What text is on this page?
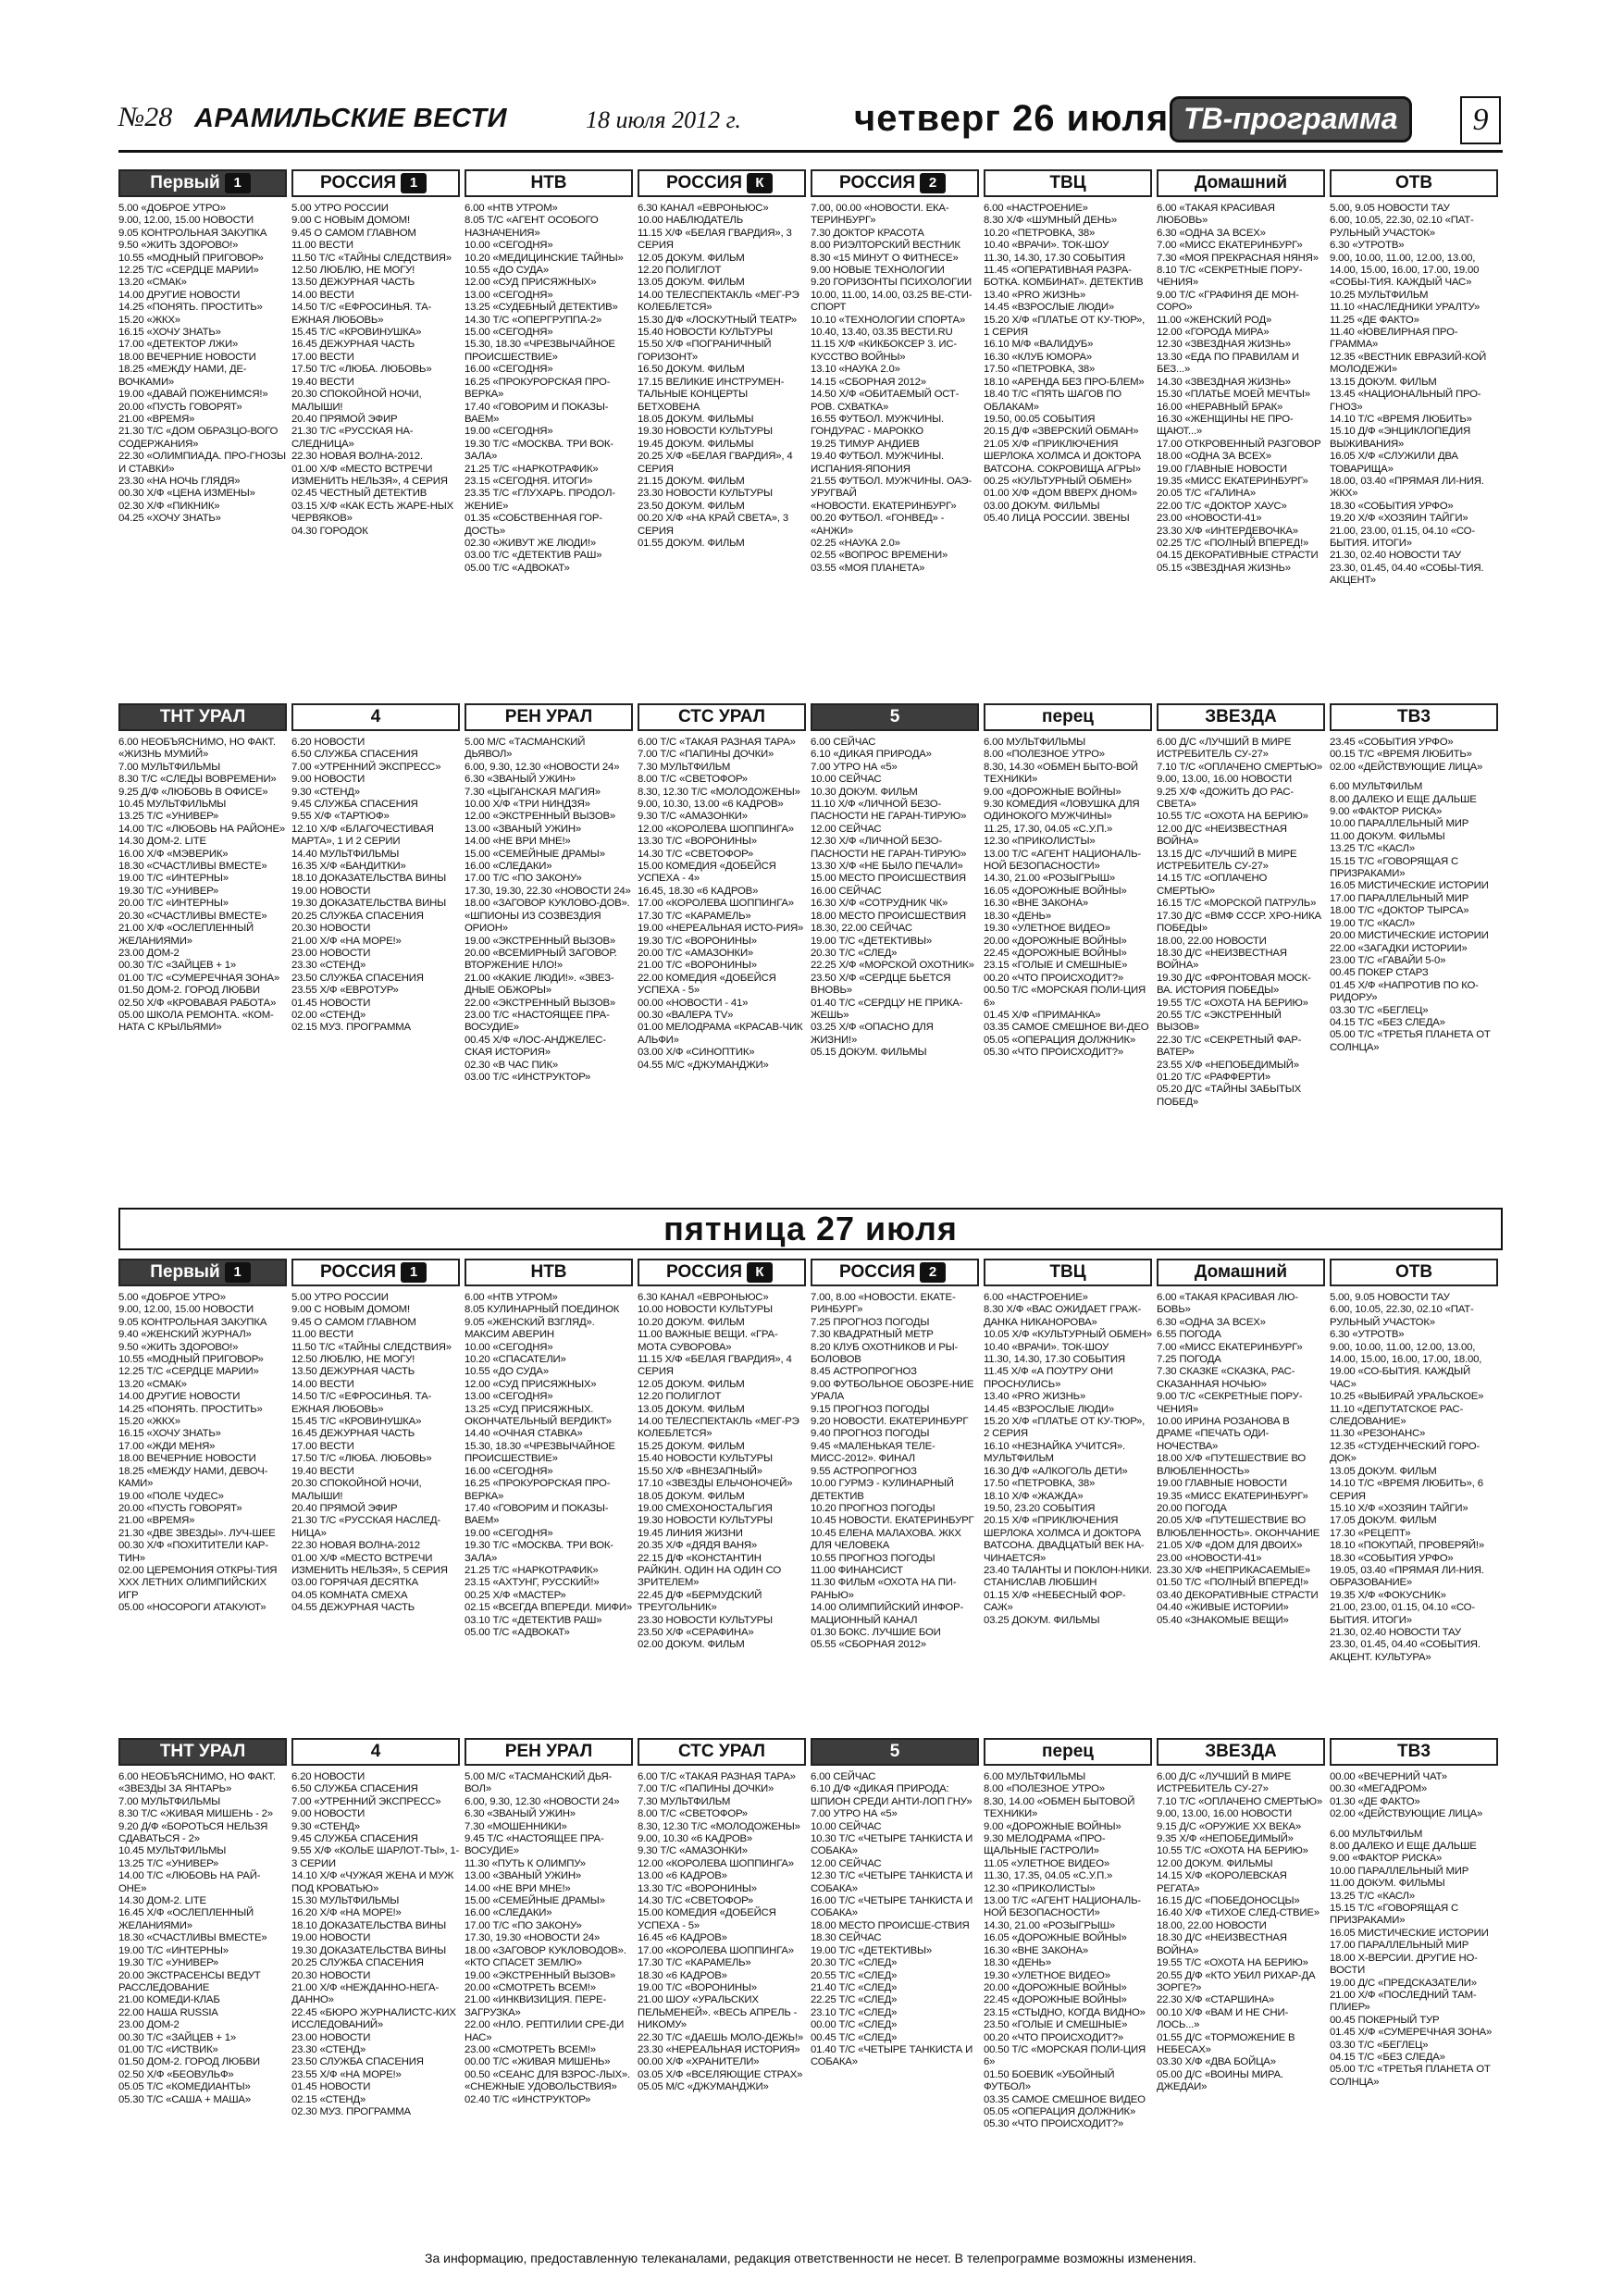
№28 АРАМИЛЬСКИЕ ВЕСТИ	18 июля 2012 г.	четверг 26 июля ТВ-программа	9
Первый 1
5.00 «ДОБРОЕ УТРО»
9.00, 12.00, 15.00 НОВОСТИ
9.05 КОНТРОЛЬНАЯ ЗАКУПКА
9.50 «ЖИТЬ ЗДОРОВО!»
10.55 «МОДНЫЙ ПРИГОВОР»
12.25 Т/С «СЕРДЦЕ МАРИИ»
13.20 «СМАК»
14.00 ДРУГИЕ НОВОСТИ
14.25 «ПОНЯТЬ. ПРОСТИТЬ»
15.20 «ЖКХ»
16.15 «ХОЧУ ЗНАТЬ»
17.00 «ДЕТЕКТОР ЛЖИ»
18.00 ВЕЧЕРНИЕ НОВОСТИ
18.25 «МЕЖДУ НАМИ, ДЕ-ВОЧКАМИ»
19.00 «ДАВАЙ ПОЖЕНИМСЯ!»
20.00 «ПУСТЬ ГОВОРЯТ»
21.00 «ВРЕМЯ»
21.30 Т/С «ДОМ ОБРАЗЦО-ВОГО СОДЕРЖАНИЯ»
22.30 «ОЛИМПИАДА. ПРО-ГНОЗЫ И СТАВКИ»
23.30 «НА НОЧЬ ГЛЯДЯ»
00.30 Х/Ф «ЦЕНА ИЗМЕНЫ»
02.30 Х/Ф «ПИКНИК»
04.25 «ХОЧУ ЗНАТЬ»
РОССИЯ 1
5.00 УТРО РОССИИ
9.00 С НОВЫМ ДОМОМ!
9.45 О САМОМ ГЛАВНОМ
11.00 ВЕСТИ
11.50 Т/С «ТАЙНЫ СЛЕДСТВИЯ»
12.50 ЛЮБЛЮ, НЕ МОГУ!
13.50 ДЕЖУРНАЯ ЧАСТЬ
14.00 ВЕСТИ
14.50 Т/С «ЕФРОСИНЬЯ. ТА-ЕЖНАЯ ЛЮБОВЬ»
15.45 Т/С «КРОВИНУШКА»
16.45 ДЕЖУРНАЯ ЧАСТЬ
17.00 ВЕСТИ
17.50 Т/С «ЛЮБА. ЛЮБОВЬ»
19.40 ВЕСТИ
20.30 СПОКОЙНОЙ НОЧИ, МАЛЫШИ!
20.40 ПРЯМОЙ ЭФИР
21.30 Т/С «РУССКАЯ НА-СЛЕДНИЦА»
22.30 НОВАЯ ВОЛНА-2012.
01.00 Х/Ф «МЕСТО ВСТРЕЧИ ИЗМЕНИТЬ НЕЛЬЗЯ», 4 СЕРИЯ
02.45 ЧЕСТНЫЙ ДЕТЕКТИВ
03.15 Х/Ф «КАК ЕСТЬ ЖАРЕ-НЫХ ЧЕРВЯКОВ»
04.30 ГОРОДОК
НТВ
6.00 «НТВ УТРОМ»
8.05 Т/С «АГЕНТ ОСОБОГО НАЗНАЧЕНИЯ»
10.00 «СЕГОДНЯ»
10.20 «МЕДИЦИНСКИЕ ТАЙНЫ»
10.55 «ДО СУДА»
12.00 «СУД ПРИСЯЖНЫХ»
13.00 «СЕГОДНЯ»
13.25 «СУДЕБНЫЙ ДЕТЕКТИВ»
14.30 Т/С «ОПЕРГРУППА-2»
15.00 «СЕГОДНЯ»
15.30, 18.30 «ЧРЕЗВЫЧАЙНОЕ ПРОИСШЕСТВИЕ»
16.00 «СЕГОДНЯ»
16.25 «ПРОКУРОРСКАЯ ПРО-ВЕРКА»
17.40 «ГОВОРИМ И ПОКАЗЫ-ВАЕМ»
19.00 «СЕГОДНЯ»
19.30 Т/С «МОСКВА. ТРИ ВОК-ЗАЛА»
21.25 Т/С «НАРКОТРАФИК»
23.15 «СЕГОДНЯ. ИТОГИ»
23.35 Т/С «ГЛУХАРЬ. ПРОДОЛ-ЖЕНИЕ»
01.35 «СОБСТВЕННАЯ ГОР-ДОСТЬ»
02.30 «ЖИВУТ ЖЕ ЛЮДИ!»
03.00 Т/С «ДЕТЕКТИВ РАШ»
05.00 Т/С «АДВОКАТ»
РОССИЯ К
6.30 КАНАЛ «ЕВРОНЬЮС»
10.00 НАБЛЮДАТЕЛЬ
11.15 Х/Ф «БЕЛАЯ ГВАРДИЯ», 3 СЕРИЯ
12.05 ДОКУМ. ФИЛЬМ
12.20 ПОЛИГЛОТ
13.05 ДОКУМ. ФИЛЬМ
14.00 ТЕЛЕСПЕКТАКЛЬ «МЕГ-РЭ КОЛЕБЛЕТСЯ»
15.30 Д/Ф «ЛОСКУТНЫЙ ТЕАТР»
15.40 НОВОСТИ КУЛЬТУРЫ
15.50 Х/Ф «ПОГРАНИЧНЫЙ ГОРИЗОНТ»
16.50 ДОКУМ. ФИЛЬМ
17.15 ВЕЛИКИЕ ИНСТРУМЕН-ТАЛЬНЫЕ КОНЦЕРТЫ БЕТХОВЕНА
18.05 ДОКУМ. ФИЛЬМЫ
19.30 НОВОСТИ КУЛЬТУРЫ
19.45 ДОКУМ. ФИЛЬМЫ
20.25 Х/Ф «БЕЛАЯ ГВАРДИЯ», 4 СЕРИЯ
21.15 ДОКУМ. ФИЛЬМ
23.30 НОВОСТИ КУЛЬТУРЫ
23.50 ДОКУМ. ФИЛЬМ
00.20 Х/Ф «НА КРАЙ СВЕТА», 3 СЕРИЯ
01.55 ДОКУМ. ФИЛЬМ
РОССИЯ 2
7.00, 00.00 «НОВОСТИ. ЕКА-ТЕРИНБУРГ»
7.30 ДОКТОР КРАСОТА
8.00 РИЭЛТОРСКИЙ ВЕСТНИК
8.30 «15 МИНУТ О ФИТНЕСЕ»
9.00 НОВЫЕ ТЕХНОЛОГИИ
9.20 ГОРИЗОНТЫ ПСИХОЛОГИИ
10.00, 11.00, 14.00, 03.25 ВЕ-СТИ-СПОРТ
10.10 «ТЕХНОЛОГИИ СПОРТА»
10.40, 13.40, 03.35 ВЕСТИ.RU
11.15 Х/Ф «КИКБОКСЕР 3. ИС-КУССТВО ВОЙНЫ»
13.10 «НАУКА 2.0»
14.15 «СБОРНАЯ 2012»
14.50 Х/Ф «ОБИТАЕМЫЙ ОСТ-РОВ. СХВАТКА»
16.55 ФУТБОЛ. МУЖЧИНЫ. ГОНДУРАС - МАРОККО
19.25 ТИМУР АНДИЕВ
19.40 ФУТБОЛ. МУЖЧИНЫ. ИСПАНИЯ-ЯПОНИЯ
21.55 ФУТБОЛ. МУЖЧИНЫ. ОАЭ-УРУГВАЙ
«НОВОСТИ. ЕКАТЕРИНБУРГ»
00.20 ФУТБОЛ. «ГОНВЕД» - «АНЖИ»
02.25 «НАУКА 2.0»
02.55 «ВОПРОС ВРЕМЕНИ»
03.55 «МОЯ ПЛАНЕТА»
ТВЦ
6.00 «НАСТРОЕНИЕ»
8.30 Х/Ф «ШУМНЫЙ ДЕНЬ»
10.20 «ПЕТРОВКА, 38»
10.40 «ВРАЧИ». ТОК-ШОУ
11.30, 14.30, 17.30 СОБЫТИЯ
11.45 «ОПЕРАТИВНАЯ РАЗРА-БОТКА. КОМБИНАТ». ДЕТЕКТИВ
13.40 «PRO ЖИЗНЬ»
14.45 «ВЗРОСЛЫЕ ЛЮДИ»
15.20 Х/Ф «ПЛАТЬЕ ОТ КУ-ТЮР», 1 СЕРИЯ
16.10 М/Ф «ВАЛИДУБ»
16.30 «КЛУБ ЮМОРА»
17.50 «ПЕТРОВКА, 38»
18.10 «АРЕНДА БЕЗ ПРО-БЛЕМ»
18.40 Т/С «ПЯТЬ ШАГОВ ПО ОБЛАКАМ»
19.50, 00.05 СОБЫТИЯ
20.15 Д/Ф «ЗВЕРСКИЙ ОБМАН»
21.05 Х/Ф «ПРИКЛЮЧЕНИЯ ШЕРЛОКА ХОЛМСА И ДОКТОРА ВАТСОНА. СОКРОВИЩА АГРЫ»
00.25 «КУЛЬТУРНЫЙ ОБМЕН»
01.00 Х/Ф «ДОМ ВВЕРХ ДНОМ»
03.00 ДОКУМ. ФИЛЬМЫ
05.40 ЛИЦА РОССИИ. ЗВЕНЫ
Домашний
6.00 «ТАКАЯ КРАСИВАЯ ЛЮБОВЬ»
6.30 «ОДНА ЗА ВСЕХ»
7.00 «МИСС ЕКАТЕРИНБУРГ»
7.30 «МОЯ ПРЕКРАСНАЯ НЯНЯ»
8.10 Т/С «СЕКРЕТНЫЕ ПОРУ-ЧЕНИЯ»
9.00 Т/С «ГРАФИНЯ ДЕ МОН-СОРО»
11.00 «ЖЕНСКИЙ РОД»
12.00 «ГОРОДА МИРА»
12.30 «ЗВЕЗДНАЯ ЖИЗНЬ»
13.30 «ЕДА ПО ПРАВИЛАМ И БЕЗ...»
14.30 «ЗВЕЗДНАЯ ЖИЗНЬ»
15.30 «ПЛАТЬЕ МОЕЙ МЕЧТЫ»
16.00 «НЕРАВНЫЙ БРАК»
16.30 «ЖЕНЩИНЫ НЕ ПРО-ЩАЮТ...»
17.00 ОТКРОВЕННЫЙ РАЗГОВОР
18.00 «ОДНА ЗА ВСЕХ»
19.00 ГЛАВНЫЕ НОВОСТИ
19.35 «МИСС ЕКАТЕРИНБУРГ»
20.05 Т/С «ГАЛИНА»
22.00 Т/С «ДОКТОР ХАУС»
23.00 «НОВОСТИ-41»
23.30 Х/Ф «ИНТЕРДЕВОЧКА»
02.25 Т/С «ПОЛНЫЙ ВПЕРЕД!»
04.15 ДЕКОРАТИВНЫЕ СТРАСТИ
05.15 «ЗВЕЗДНАЯ ЖИЗНЬ»
ОТВ
5.00, 9.05 НОВОСТИ ТАУ
6.00, 10.05, 22.30, 02.10 «ПАТ-РУЛЬНЫЙ УЧАСТОК»
6.30 «УТРОТВ»
9.00, 10.00, 11.00, 12.00, 13.00, 14.00, 15.00, 16.00, 17.00, 19.00 «СОБЫ-ТИЯ. КАЖДЫЙ ЧАС»
10.25 МУЛЬТФИЛЬМ
11.10 «НАСЛЕДНИКИ УРАЛТУ»
11.25 «ДЕ ФАКТО»
11.40 «ЮВЕЛИРНАЯ ПРО-ГРАММА»
12.35 «ВЕСТНИК ЕВРАЗИЙ-КОЙ МОЛОДЕЖИ»
13.15 ДОКУМ. ФИЛЬМ
13.45 «НАЦИОНАЛЬНЫЙ ПРО-ГНОЗ»
14.10 Т/С «ВРЕМЯ ЛЮБИТЬ»
15.10 Д/Ф «ЭНЦИКЛОПЕДИЯ ВЫЖИВАНИЯ»
16.05 Х/Ф «СЛУЖИЛИ ДВА ТОВАРИЩА»
18.00, 03.40 «ПРЯМАЯ ЛИ-НИЯ. ЖКХ»
18.30 «СОБЫТИЯ УРФО»
19.20 Х/Ф «ХОЗЯИН ТАЙГИ»
21.00, 23.00, 01.15, 04.10 «СО-БЫТИЯ. ИТОГИ»
21.30, 02.40 НОВОСТИ ТАУ
23.30, 01.45, 04.40 «СОБЫ-ТИЯ. АКЦЕНТ»
ТНТ УРАЛ
6.00 НЕОБЪЯСНИМО, НО ФАКТ. «ЖИЗНЬ МУМИЙ»
7.00 МУЛЬТФИЛЬМЫ
8.30 Т/С «СЛЕДЫ ВОВРЕМЕНИ»
9.25 Д/Ф «ЛЮБОВЬ В ОФИСЕ»
10.45 МУЛЬТФИЛЬМЫ
13.25 Т/С «УНИВЕР»
14.00 Т/С «ЛЮБОВЬ НА РАЙОНЕ»
14.30 ДОМ-2. LITE
16.00 Х/Ф «МЭВЕРИК»
18.30 «СЧАСТЛИВЫ ВМЕСТЕ»
19.00 Т/С «ИНТЕРНЫ»
19.30 Т/С «УНИВЕР»
20.00 Т/С «ИНТЕРНЫ»
20.30 «СЧАСТЛИВЫ ВМЕСТЕ»
21.00 Х/Ф «ОСЛЕПЛЕННЫЙ ЖЕЛАНИЯМИ»
23.00 ДОМ-2
00.30 Т/С «ЗАЙЦЕВ + 1»
01.00 Т/С «СУМЕРЕЧНАЯ ЗОНА»
01.50 ДОМ-2. ГОРОД ЛЮБВИ
02.50 Х/Ф «КРОВАВАЯ РАБОТА»
05.00 ШКОЛА РЕМОНТА. «КОМ-НАТА С КРЫЛЬЯМИ»
4
6.20 НОВОСТИ
6.50 СЛУЖБА СПАСЕНИЯ
7.00 «УТРЕННИЙ ЭКСПРЕСС»
9.00 НОВОСТИ
9.30 «СТЕНД»
9.45 СЛУЖБА СПАСЕНИЯ
9.55 Х/Ф «ТАРТЮФ»
12.10 Х/Ф «БЛАГОЧЕСТИВАЯ МАРТА», 1 И 2 СЕРИИ
14.40 МУЛЬТФИЛЬМЫ
16.35 Х/Ф «БАНДИТКИ»
18.10 ДОКАЗАТЕЛЬСТВА ВИНЫ
19.00 НОВОСТИ
19.30 ДОКАЗАТЕЛЬСТВА ВИНЫ
20.25 СЛУЖБА СПАСЕНИЯ
20.30 НОВОСТИ
21.00 Х/Ф «НА МОРЕ!»
23.00 НОВОСТИ
23.30 «СТЕНД»
23.50 СЛУЖБА СПАСЕНИЯ
23.55 Х/Ф «ЕВРОТУР»
01.45 НОВОСТИ
02.00 «СТЕНД»
02.15 МУЗ. ПРОГРАММА
РЕН УРАЛ
5.00 М/С «ТАСМАНСКИЙ ДЬЯВОЛ»
6.00, 9.30, 12.30 «НОВОСТИ 24»
6.30 «ЗВАНЫЙ УЖИН»
7.30 «ЦЫГАНСКАЯ МАГИЯ»
10.00 Х/Ф «ТРИ НИНДЗЯ»
12.00 «ЭКСТРЕННЫЙ ВЫЗОВ»
13.00 «ЗВАНЫЙ УЖИН»
14.00 «НЕ ВРИ МНЕ!»
15.00 «СЕМЕЙНЫЕ ДРАМЫ»
16.00 «СЛЕДАКИ»
17.00 Т/С «ПО ЗАКОНУ»
17.30, 19.30, 22.30 «НОВОСТИ 24»
18.00 «ЗАГОВОР КУКЛОВО-ДОВ». «ШПИОНЫ ИЗ СОЗВЕЗДИЯ ОРИОН»
19.00 «ЭКСТРЕННЫЙ ВЫЗОВ»
20.00 «ВСЕМИРНЫЙ ЗАГОВОР. ВТОРЖЕНИЕ НЛО!»
21.00 «КАКИЕ ЛЮДИ!». «ЗВЕЗ-ДНЫЕ ОБЖОРЫ»
22.00 «ЭКСТРЕННЫЙ ВЫЗОВ»
23.00 Т/С «НАСТОЯЩЕЕ ПРА-ВОСУДИЕ»
00.45 Х/Ф «ЛОС-АНДЖЕЛЕС-СКАЯ ИСТОРИЯ»
02.30 «В ЧАС ПИК»
03.00 Т/С «ИНСТРУКТОР»
СТС УРАЛ
6.00 Т/С «ТАКАЯ РАЗНАЯ ТАРА»
7.00 Т/С «ПАПИНЫ ДОЧКИ»
7.30 МУЛЬТФИЛЬМ
8.00 Т/С «СВЕТОФОР»
8.30, 12.30 Т/С «МОЛОДОЖЕНЫ»
9.00, 10.30, 13.00 «6 КАДРОВ»
9.30 Т/С «АМАЗОНКИ»
12.00 «КОРОЛЕВА ШОППИНГА»
13.30 Т/С «ВОРОНИНЫ»
14.30 Т/С «СВЕТОФОР»
15.00 КОМЕДИЯ «ДОБЕЙСЯ УСПЕХА - 4»
16.45, 18.30 «6 КАДРОВ»
17.00 «КОРОЛЕВА ШОППИНГА»
17.30 Т/С «КАРАМЕЛЬ»
19.00 «НЕРЕАЛЬНАЯ ИСТО-РИЯ»
19.30 Т/С «ВОРОНИНЫ»
20.00 Т/С «АМАЗОНКИ»
21.00 Т/С «ВОРОНИНЫ»
22.00 КОМЕДИЯ «ДОБЕЙСЯ УСПЕХА - 5»
00.00 «НОВОСТИ - 41»
00.30 «ВАЛЕРА TV»
01.00 МЕЛОДРАМА «КРАСАВ-ЧИК АЛЬФИ»
03.00 Х/Ф «СИНОПТИК»
04.55 М/С «ДЖУМАНДЖИ»
5
6.00 СЕЙЧАС
6.10 «ДИКАЯ ПРИРОДА»
7.00 УТРО НА «5»
10.00 СЕЙЧАС
10.30 ДОКУМ. ФИЛЬМ
11.10 Х/Ф «ЛИЧНОЙ БЕЗО-ПАСНОСТИ НЕ ГАРАН-ТИРУЮ»
12.00 СЕЙЧАС
12.30 Х/Ф «ЛИЧНОЙ БЕЗО-ПАСНОСТИ НЕ ГАРАН-ТИРУЮ»
13.30 Х/Ф «НЕ БЫЛО ПЕЧАЛИ»
15.00 МЕСТО ПРОИСШЕСТВИЯ
16.00 СЕЙЧАС
16.30 Х/Ф «СОТРУДНИК ЧК»
18.00 МЕСТО ПРОИСШЕСТВИЯ
18.30, 22.00 СЕЙЧАС
19.00 Т/С «ДЕТЕКТИВЫ»
20.30 Т/С «СЛЕД»
22.25 Х/Ф «МОРСКОЙ ОХОТНИК»
23.50 Х/Ф «СЕРДЦЕ БЬЕТСЯ ВНОВЬ»
01.40 Т/С «СЕРДЦУ НЕ ПРИКА-ЖЕШЬ»
03.25 Х/Ф «ОПАСНО ДЛЯ ЖИЗНИ!»
05.15 ДОКУМ. ФИЛЬМЫ
перец
6.00 МУЛЬТФИЛЬМЫ
8.00 «ПОЛЕЗНОЕ УТРО»
8.30, 14.30 «ОБМЕН БЫТО-ВОЙ ТЕХНИКИ»
9.00 «ДОРОЖНЫЕ ВОЙНЫ»
9.30 КОМЕДИЯ «ЛОВУШКА ДЛЯ ОДИНОКОГО МУЖЧИНЫ»
11.25, 17.30, 04.05 «С.У.П.»
12.30 «ПРИКОЛИСТЫ»
13.00 Т/С «АГЕНТ НАЦИОНАЛЬ-НОЙ БЕЗОПАСНОСТИ»
14.30, 21.00 «РОЗЫГРЫШ»
16.05 «ДОРОЖНЫЕ ВОЙНЫ»
16.30 «ВНЕ ЗАКОНА»
18.30 «ДЕНЬ»
19.30 «УЛЕТНОЕ ВИДЕО»
20.00 «ДОРОЖНЫЕ ВОЙНЫ»
22.45 «ДОРОЖНЫЕ ВОЙНЫ»
23.15 «ГОЛЫЕ И СМЕШНЫЕ»
00.20 «ЧТО ПРОИСХОДИТ?»
00.50 Т/С «МОРСКАЯ ПОЛИ-ЦИЯ 6»
01.45 Х/Ф «ПРИМАНКА»
03.35 САМОЕ СМЕШНОЕ ВИ-ДЕО
05.05 «ОПЕРАЦИЯ ДОЛЖНИК»
05.30 «ЧТО ПРОИСХОДИТ?»
ЗВЕЗДА
6.00 Д/С «ЛУЧШИЙ В МИРЕ ИСТРЕБИТЕЛЬ СУ-27»
7.10 Т/С «ОПЛАЧЕНО СМЕРТЬЮ»
9.00, 13.00, 16.00 НОВОСТИ
9.25 Х/Ф «ДОЖИТЬ ДО РАС-СВЕТА»
10.55 Т/С «ОХОТА НА БЕРИЮ»
12.00 Д/С «НЕИЗВЕСТНАЯ ВОЙНА»
13.15 Д/С «ЛУЧШИЙ В МИРЕ ИСТРЕБИТЕЛЬ СУ-27»
14.15 Т/С «ОПЛАЧЕНО СМЕРТЬЮ»
16.15 Т/С «МОРСКОЙ ПАТРУЛЬ»
17.30 Д/С «ВМФ СССР. ХРО-НИКА ПОБЕДЫ»
18.00, 22.00 НОВОСТИ
18.30 Д/С «НЕИЗВЕСТНАЯ ВОЙНА»
19.30 Д/С «ФРОНТОВАЯ МОСК-ВА. ИСТОРИЯ ПОБЕДЫ»
19.55 Т/С «ОХОТА НА БЕРИЮ»
20.55 Т/С «ЭКСТРЕННЫЙ ВЫЗОВ»
22.30 Т/С «СЕКРЕТНЫЙ ФАР-ВАТЕР»
23.55 Х/Ф «НЕПОБЕДИМЫЙ»
01.20 Т/С «РАФФЕРТИ»
05.20 Д/С «ТАЙНЫ ЗАБЫТЫХ ПОБЕД»
ТВ3
23.45 «СОБЫТИЯ УРФО»
00.15 Т/С «ВРЕМЯ ЛЮБИТЬ»
02.00 «ДЕЙСТВУЮЩИЕ ЛИЦА»
6.00 МУЛЬТФИЛЬМ
8.00 ДАЛЕКО И ЕЩЕ ДАЛЬШЕ
9.00 «ФАКТОР РИСКА»
10.00 ПАРАЛЛЕЛЬНЫЙ МИР
11.00 ДОКУМ. ФИЛЬМЫ
13.25 Т/С «КАСЛ»
15.15 Т/С «ГОВОРЯЩАЯ С ПРИЗРАКАМИ»
16.05 МИСТИЧЕСКИЕ ИСТОРИИ
17.00 ПАРАЛЛЕЛЬНЫЙ МИР
18.00 Т/С «ДОКТОР ТЫРСА»
19.00 Т/С «КАСЛ»
20.00 МИСТИЧЕСКИЕ ИСТОРИИ
22.00 «ЗАГАДКИ ИСТОРИИ»
23.00 Т/С «ГАВАЙИ 5-0»
00.45 ПОКЕР СТАРЗ
01.45 Х/Ф «НАПРОТИВ ПО КО-РИДОРУ»
03.30 Т/С «БЕГЛЕЦ»
04.15 Т/С «БЕЗ СЛЕДА»
05.00 Т/С «ТРЕТЬЯ ПЛАНЕТА ОТ СОЛНЦА»
пятница 27 июля
Первый 1
5.00 «ДОБРОЕ УТРО»
9.00, 12.00, 15.00 НОВОСТИ
9.05 КОНТРОЛЬНАЯ ЗАКУПКА
9.40 «ЖЕНСКИЙ ЖУРНАЛ»
9.50 «ЖИТЬ ЗДОРОВО!»
10.55 «МОДНЫЙ ПРИГОВОР»
12.25 Т/С «СЕРДЦЕ МАРИИ»
13.20 «СМАК»
14.00 ДРУГИЕ НОВОСТИ
14.25 «ПОНЯТЬ. ПРОСТИТЬ»
15.20 «ЖКХ»
16.15 «ХОЧУ ЗНАТЬ»
17.00 «ЖДИ МЕНЯ»
18.00 ВЕЧЕРНИЕ НОВОСТИ
18.25 «МЕЖДУ НАМИ, ДЕВОЧ-КАМИ»
19.00 «ПОЛЕ ЧУДЕС»
20.00 «ПУСТЬ ГОВОРЯТ»
21.00 «ВРЕМЯ»
21.30 «ДВЕ ЗВЕЗДЫ». ЛУЧ-ШЕЕ
00.30 Х/Ф «ПОХИТИТЕЛИ КАР-ТИН»
02.00 ЦЕРЕМОНИЯ ОТКРЫ-ТИЯ XXX ЛЕТНИХ ОЛИМПИЙСКИХ ИГР
05.00 «НОСОРОГИ АТАКУЮТ»
РОССИЯ 1
5.00 УТРО РОССИИ
9.00 С НОВЫМ ДОМОМ!
9.45 О САМОМ ГЛАВНОМ
11.00 ВЕСТИ
11.50 Т/С «ТАЙНЫ СЛЕДСТВИЯ»
12.50 ЛЮБЛЮ, НЕ МОГУ!
13.50 ДЕЖУРНАЯ ЧАСТЬ
14.00 ВЕСТИ
14.50 Т/С «ЕФРОСИНЬЯ. ТА-ЕЖНАЯ ЛЮБОВЬ»
15.45 Т/С «КРОВИНУШКА»
16.45 ДЕЖУРНАЯ ЧАСТЬ
17.00 ВЕСТИ
17.50 Т/С «ЛЮБА. ЛЮБОВЬ»
19.40 ВЕСТИ
20.30 СПОКОЙНОЙ НОЧИ, МАЛЫШИ!
20.40 ПРЯМОЙ ЭФИР
21.30 Т/С «РУССКАЯ НАСЛЕД-НИЦА»
22.30 НОВАЯ ВОЛНА-2012
01.00 Х/Ф «МЕСТО ВСТРЕЧИ ИЗМЕНИТЬ НЕЛЬЗЯ», 5 СЕРИЯ
03.00 ГОРЯЧАЯ ДЕСЯТКА
04.05 КОМНАТА СМЕХА
04.55 ДЕЖУРНАЯ ЧАСТЬ
НТВ
6.00 «НТВ УТРОМ»
8.05 КУЛИНАРНЫЙ ПОЕДИНОК
9.05 «ЖЕНСКИЙ ВЗГЛЯД». МАКСИМ АВЕРИН
10.00 «СЕГОДНЯ»
10.20 «СПАСАТЕЛИ»
10.55 «ДО СУДА»
12.00 «СУД ПРИСЯЖНЫХ»
13.00 «СЕГОДНЯ»
13.25 «СУД ПРИСЯЖНЫХ. ОКОНЧАТЕЛЬНЫЙ ВЕРДИКТ»
14.40 «ОЧНАЯ СТАВКА»
15.30, 18.30 «ЧРЕЗВЫЧАЙНОЕ ПРОИСШЕСТВИЕ»
16.00 «СЕГОДНЯ»
16.25 «ПРОКУРОРСКАЯ ПРО-ВЕРКА»
17.40 «ГОВОРИМ И ПОКАЗЫ-ВАЕМ»
19.00 «СЕГОДНЯ»
19.30 Т/С «МОСКВА. ТРИ ВОК-ЗАЛА»
21.25 Т/С «НАРКОТРАФИК»
23.15 «АХТУНГ, РУССКИЙ!»
00.25 Х/Ф «МАСТЕР»
02.15 «ВСЕГДА ВПЕРЕДИ. МИФИ»
03.10 Т/С «ДЕТЕКТИВ РАШ»
05.00 Т/С «АДВОКАТ»
РОССИЯ К
6.30 КАНАЛ «ЕВРОНЬЮС»
10.00 НОВОСТИ КУЛЬТУРЫ
10.20 ДОКУМ. ФИЛЬМ
11.00 ВАЖНЫЕ ВЕЩИ. «ГРА-МОТА СУВОРОВА»
11.15 Х/Ф «БЕЛАЯ ГВАРДИЯ», 4 СЕРИЯ
12.05 ДОКУМ. ФИЛЬМ
12.20 ПОЛИГЛОТ
13.05 ДОКУМ. ФИЛЬМ
14.00 ТЕЛЕСПЕКТАКЛЬ «МЕГ-РЭ КОЛЕБЛЕТСЯ»
15.25 ДОКУМ. ФИЛЬМ
15.40 НОВОСТИ КУЛЬТУРЫ
15.50 Х/Ф «ВНЕЗАПНЫЙ»
17.10 «ЗВЕЗДЫ ЕЛЬЧОНОЧЕЙ»
18.05 ДОКУМ. ФИЛЬМ
19.00 СМЕХОНОСТАЛЬГИЯ
19.30 НОВОСТИ КУЛЬТУРЫ
19.45 ЛИНИЯ ЖИЗНИ
20.35 Х/Ф «ДЯДЯ ВАНЯ»
22.15 Д/Ф «КОНСТАНТИН РАЙКИН. ОДИН НА ОДИН СО ЗРИТЕЛЕМ»
22.45 Д/Ф «БЕРМУДСКИЙ ТРЕУГОЛЬНИК»
23.30 НОВОСТИ КУЛЬТУРЫ
23.50 Х/Ф «СЕРАФИНА»
02.00 ДОКУМ. ФИЛЬМ
РОССИЯ 2
7.00, 8.00 «НОВОСТИ. ЕКАТЕ-РИНБУРГ»
7.25 ПРОГНОЗ ПОГОДЫ
7.30 КВАДРАТНЫЙ МЕТР
8.20 КЛУБ ОХОТНИКОВ И РЫ-БОЛОВОВ
8.45 АСТРОПРОГНОЗ
9.00 ФУТБОЛЬНОЕ ОБОЗРЕ-НИЕ УРАЛА
9.15 ПРОГНОЗ ПОГОДЫ
9.20 НОВОСТИ. ЕКАТЕРИНБУРГ
9.40 ПРОГНОЗ ПОГОДЫ
9.45 «МАЛЕНЬКАЯ ТЕЛЕ-МИСС-2012». ФИНАЛ
9.55 АСТРОПРОГНОЗ
10.00 ГУРМЭ - КУЛИНАРНЫЙ ДЕТЕКТИВ
10.20 ПРОГНОЗ ПОГОДЫ
10.45 НОВОСТИ. ЕКАТЕРИНБУРГ
10.45 ЕЛЕНА МАЛАХОВА. ЖКХ ДЛЯ ЧЕЛОВЕКА
10.55 ПРОГНОЗ ПОГОДЫ
11.00 ФИНАНСИСТ
11.30 ФИЛЬМ «ОХОТА НА ПИ-РАНЬЮ»
14.00 ОЛИМПИЙСКИЙ ИНФОР-МАЦИОННЫЙ КАНАЛ
01.30 БОКС. ЛУЧШИЕ БОИ
05.55 «СБОРНАЯ 2012»
ТВЦ
6.00 «НАСТРОЕНИЕ»
8.30 Х/Ф «ВАС ОЖИДАЕТ ГРАЖ-ДАНКА НИКАНОРОВА»
10.05 Х/Ф «КУЛЬТУРНЫЙ ОБМЕН»
10.40 «ВРАЧИ». ТОК-ШОУ
11.30, 14.30, 17.30 СОБЫТИЯ
11.45 Х/Ф «А ПОУТРУ ОНИ ПРОСНУЛИСЬ»
13.40 «PRO ЖИЗНЬ»
14.45 «ВЗРОСЛЫЕ ЛЮДИ»
15.20 Х/Ф «ПЛАТЬЕ ОТ КУ-ТЮР», 2 СЕРИЯ
16.10 «НЕЗНАЙКА УЧИТСЯ». МУЛЬТФИЛЬМ
16.30 Д/Ф «АЛКОГОЛЬ ДЕТИ»
17.50 «ПЕТРОВКА, 38»
18.10 Х/Ф «ЖАЖДА»
19.50, 23.20 СОБЫТИЯ
20.15 Х/Ф «ПРИКЛЮЧЕНИЯ ШЕРЛОКА ХОЛМСА И ДОКТОРА ВАТСОНА. ДВАДЦАТЫЙ ВЕК НА-ЧИНАЕТСЯ»
23.40 ТАЛАНТЫ И ПОКЛОН-НИКИ. СТАНИСЛАВ ЛЮБШИН
01.15 Х/Ф «НЕБЕСНЫЙ ФОР-САЖ»
03.25 ДОКУМ. ФИЛЬМЫ
Домашний
6.00 «ТАКАЯ КРАСИВАЯ ЛЮ-БОВЬ»
6.30 «ОДНА ЗА ВСЕХ»
6.55 ПОГОДА
7.00 «МИСС ЕКАТЕРИНБУРГ»
7.25 ПОГОДА
7.30 СКАЗКЕ «СКАЗКА, РАС-СКАЗАННАЯ НОЧЬЮ»
9.00 Т/С «СЕКРЕТНЫЕ ПОРУ-ЧЕНИЯ»
10.00 ИРИНА РОЗАНОВА В ДРАМЕ «ПЕЧАТЬ ОДИ-НОЧЕСТВА»
18.00 Х/Ф «ПУТЕШЕСТВИЕ ВО ВЛЮБЛЕННОСТЬ»
19.00 ГЛАВНЫЕ НОВОСТИ
19.35 «МИСС ЕКАТЕРИНБУРГ»
20.00 ПОГОДА
20.05 Х/Ф «ПУТЕШЕСТВИЕ ВО ВЛЮБЛЕННОСТЬ». ОКОНЧАНИЕ
21.05 Х/Ф «ДОМ ДЛЯ ДВОИХ»
23.00 «НОВОСТИ-41»
23.30 Х/Ф «НЕПРИКАСАЕМЫЕ»
01.50 Т/С «ПОЛНЫЙ ВПЕРЕД!»
03.40 ДЕКОРАТИВНЫЕ СТРАСТИ
04.40 «ЖИВЫЕ ИСТОРИИ»
05.40 «ЗНАКОМЫЕ ВЕЩИ»
ОТВ
5.00, 9.05 НОВОСТИ ТАУ
6.00, 10.05, 22.30, 02.10 «ПАТ-РУЛЬНЫЙ УЧАСТОК»
6.30 «УТРОТВ»
9.00, 10.00, 11.00, 12.00, 13.00, 14.00, 15.00, 16.00, 17.00, 18.00, 19.00 «СО-БЫТИЯ. КАЖДЫЙ ЧАС»
10.25 «ВЫБИРАЙ УРАЛЬСКОЕ»
11.10 «ДЕПУТАТСКОЕ РАС-СЛЕДОВАНИЕ»
11.30 «РЕЗОНАНС»
12.35 «СТУДЕНЧЕСКИЙ ГОРО-ДОК»
13.05 ДОКУМ. ФИЛЬМ
14.10 Т/С «ВРЕМЯ ЛЮБИТЬ», 6 СЕРИЯ
15.10 Х/Ф «ХОЗЯИН ТАЙГИ»
17.05 ДОКУМ. ФИЛЬМ
17.30 «РЕЦЕПТ»
18.10 «ПОКУПАЙ, ПРОВЕРЯЙ!»
18.30 «СОБЫТИЯ УРФО»
19.05, 03.40 «ПРЯМАЯ ЛИ-НИЯ. ОБРАЗОВАНИЕ»
19.35 Х/Ф «ФОКУСНИК»
21.00, 23.00, 01.15, 04.10 «СО-БЫТИЯ. ИТОГИ»
21.30, 02.40 НОВОСТИ ТАУ
23.30, 01.45, 04.40 «СОБЫТИЯ. АКЦЕНТ. КУЛЬТУРА»
ТНТ УРАЛ
6.00 НЕОБЪЯСНИМО, НО ФАКТ. «ЗВЕЗДЫ ЗА ЯНТАРЬ»
7.00 МУЛЬТФИЛЬМЫ
8.30 Т/С «ЖИВАЯ МИШЕНЬ - 2»
9.20 Д/Ф «БОРОТЬСЯ НЕЛЬЗЯ СДАВАТЬСЯ - 2»
10.45 МУЛЬТФИЛЬМЫ
13.25 Т/С «УНИВЕР»
14.00 Т/С «ЛЮБОВЬ НА РАЙ-ОНЕ»
14.30 ДОМ-2. LITE
16.45 Х/Ф «ОСЛЕПЛЕННЫЙ ЖЕЛАНИЯМИ»
18.30 «СЧАСТЛИВЫ ВМЕСТЕ»
19.00 Т/С «ИНТЕРНЫ»
19.30 Т/С «УНИВЕР»
20.00 ЭКСТРАСЕНСЫ ВЕДУТ РАССЛЕДОВАНИЕ
21.00 КОМЕДИ-КЛАБ
22.00 НАША RUSSIA
23.00 ДОМ-2
00.30 Т/С «ЗАЙЦЕВ + 1»
01.00 Т/С «ИСТВИК»
01.50 ДОМ-2. ГОРОД ЛЮБВИ
02.50 Х/Ф «БЕОВУЛЬФ»
05.05 Т/С «КОМЕДИАНТЫ»
05.30 Т/С «САША + МАША»
4
6.20 НОВОСТИ
6.50 СЛУЖБА СПАСЕНИЯ
7.00 «УТРЕННИЙ ЭКСПРЕСС»
9.00 НОВОСТИ
9.30 «СТЕНД»
9.45 СЛУЖБА СПАСЕНИЯ
9.55 Х/Ф «КОЛЬЕ ШАРЛОТ-ТЫ», 1-3 СЕРИИ
14.10 Х/Ф «ЧУЖАЯ ЖЕНА И МУЖ ПОД КРОВАТЬЮ»
15.30 МУЛЬТФИЛЬМЫ
16.20 Х/Ф «НА МОРЕ!»
18.10 ДОКАЗАТЕЛЬСТВА ВИНЫ
19.00 НОВОСТИ
19.30 ДОКАЗАТЕЛЬСТВА ВИНЫ
20.25 СЛУЖБА СПАСЕНИЯ
20.30 НОВОСТИ
21.00 Х/Ф «НЕЖДАННО-НЕГА-ДАННО»
22.45 «БЮРО ЖУРНАЛИСТС-КИХ ИССЛЕДОВАНИЙ»
23.00 НОВОСТИ
23.30 «СТЕНД»
23.50 СЛУЖБА СПАСЕНИЯ
23.55 Х/Ф «НА МОРЕ!»
01.45 НОВОСТИ
02.15 «СТЕНД»
02.30 МУЗ. ПРОГРАММА
РЕН УРАЛ
5.00 М/С «ТАСМАНСКИЙ ДЬЯ-ВОЛ»
6.00, 9.30, 12.30 «НОВОСТИ 24»
6.30 «ЗВАНЫЙ УЖИН»
7.30 «МОШЕННИКИ»
9.45 Т/С «НАСТОЯЩЕЕ ПРА-ВОСУДИЕ»
11.30 «ПУТЬ К ОЛИМПУ»
13.00 «ЗВАНЫЙ УЖИН»
14.00 «НЕ ВРИ МНЕ!»
15.00 «СЕМЕЙНЫЕ ДРАМЫ»
16.00 «СЛЕДАКИ»
17.00 Т/С «ПО ЗАКОНУ»
17.30, 19.30 «НОВОСТИ 24»
18.00 «ЗАГОВОР КУКЛОВОДОВ». «КТО СПАСЕТ ЗЕМЛЮ»
19.00 «ЭКСТРЕННЫЙ ВЫЗОВ»
20.00 «СМОТРЕТЬ ВСЕМ!»
21.00 «ИНКВИЗИЦИЯ. ПЕРЕ-ЗАГРУЗКА»
22.00 «НЛО. РЕПТИЛИИ СРЕ-ДИ НАС»
23.00 «СМОТРЕТЬ ВСЕМ!»
00.00 Т/С «ЖИВАЯ МИШЕНЬ»
00.50 «СЕАНС ДЛЯ ВЗРОС-ЛЫХ». «СНЕЖНЫЕ УДОВОЛЬСТВИЯ»
02.40 Т/С «ИНСТРУКТОР»
СТС УРАЛ
6.00 Т/С «ТАКАЯ РАЗНАЯ ТАРА»
7.00 Т/С «ПАПИНЫ ДОЧКИ»
7.30 МУЛЬТФИЛЬМ
8.00 Т/С «СВЕТОФОР»
8.30, 12.30 Т/С «МОЛОДОЖЕНЫ»
9.00, 10.30 «6 КАДРОВ»
9.30 Т/С «АМАЗОНКИ»
12.00 «КОРОЛЕВА ШОППИНГА»
13.00 «6 КАДРОВ»
13.30 Т/С «ВОРОНИНЫ»
14.30 Т/С «СВЕТОФОР»
15.00 КОМЕДИЯ «ДОБЕЙСЯ УСПЕХА - 5»
16.45 «6 КАДРОВ»
17.00 «КОРОЛЕВА ШОППИНГА»
17.30 Т/С «КАРАМЕЛЬ»
18.30 «6 КАДРОВ»
19.00 Т/С «ВОРОНИНЫ»
21.00 ШОУ «УРАЛЬСКИХ ПЕЛЬМЕНЕЙ». «ВЕСЬ АПРЕЛЬ - НИКОМУ»
22.30 Т/С «ДАЕШЬ МОЛО-ДЕЖЬ!»
23.30 «НЕРЕАЛЬНАЯ ИСТОРИЯ»
00.00 Х/Ф «ХРАНИТЕЛИ»
03.05 Х/Ф «ВСЕЛЯЮЩИЕ СТРАХ»
05.05 М/С «ДЖУМАНДЖИ»
5
6.00 СЕЙЧАС
6.10 Д/Ф «ДИКАЯ ПРИРОДА: ШПИОН СРЕДИ АНТИ-ЛОП ГНУ»
7.00 УТРО НА «5»
10.00 СЕЙЧАС
10.30 Т/С «ЧЕТЫРЕ ТАНКИСТА И СОБАКА»
12.00 СЕЙЧАС
12.30 Т/С «ЧЕТЫРЕ ТАНКИСТА И СОБАКА»
16.00 Т/С «ЧЕТЫРЕ ТАНКИСТА И СОБАКА»
18.00 МЕСТО ПРОИСШЕ-СТВИЯ
18.30 СЕЙЧАС
19.00 Т/С «ДЕТЕКТИВЫ»
20.30 Т/С «СЛЕД»
20.55 Т/С «СЛЕД»
21.40 Т/С «СЛЕД»
22.25 Т/С «СЛЕД»
23.10 Т/С «СЛЕД»
00.00 Т/С «СЛЕД»
00.45 Т/С «СЛЕД»
01.40 Т/С «ЧЕТЫРЕ ТАНКИСТА И СОБАКА»
перец
6.00 МУЛЬТФИЛЬМЫ
8.00 «ПОЛЕЗНОЕ УТРО»
8.30, 14.00 «ОБМЕН БЫТОВОЙ ТЕХНИКИ»
9.00 «ДОРОЖНЫЕ ВОЙНЫ»
9.30 МЕЛОДРАМА «ПРО-ЩАЛЬНЫЕ ГАСТРОЛИ»
11.05 «УЛЕТНОЕ ВИДЕО»
11.30, 17.35, 04.05 «С.У.П.»
12.30 «ПРИКОЛИСТЫ»
13.00 Т/С «АГЕНТ НАЦИОНАЛЬ-НОЙ БЕЗОПАСНОСТИ»
14.30, 21.00 «РОЗЫГРЫШ»
16.05 «ДОРОЖНЫЕ ВОЙНЫ»
16.30 «ВНЕ ЗАКОНА»
18.30 «ДЕНЬ»
19.30 «УЛЕТНОЕ ВИДЕО»
20.00 «ДОРОЖНЫЕ ВОЙНЫ»
22.45 «ДОРОЖНЫЕ ВОЙНЫ»
23.15 «СТЫДНО, КОГДА ВИДНО»
23.50 «ГОЛЫЕ И СМЕШНЫЕ»
00.20 «ЧТО ПРОИСХОДИТ?»
00.50 Т/С «МОРСКАЯ ПОЛИ-ЦИЯ 6»
01.50 БОЕВИК «УБОЙНЫЙ ФУТБОЛ»
03.35 САМОЕ СМЕШНОЕ ВИДЕО
05.05 «ОПЕРАЦИЯ ДОЛЖНИК»
05.30 «ЧТО ПРОИСХОДИТ?»
ЗВЕЗДА
6.00 Д/С «ЛУЧШИЙ В МИРЕ ИСТРЕБИТЕЛЬ СУ-27»
7.10 Т/С «ОПЛАЧЕНО СМЕРТЬЮ»
9.00, 13.00, 16.00 НОВОСТИ
9.15 Д/С «ОРУЖИЕ XX ВЕКА»
9.35 Х/Ф «НЕПОБЕДИМЫЙ»
10.55 Т/С «ОХОТА НА БЕРИЮ»
12.00 ДОКУМ. ФИЛЬМЫ
14.15 Х/Ф «КОРОЛЕВСКАЯ РЕГАТА»
16.15 Д/С «ПОБЕДОНОСЦЫ»
16.40 Х/Ф «ТИХОЕ СЛЕД-СТВИЕ»
18.00, 22.00 НОВОСТИ
18.30 Д/С «НЕИЗВЕСТНАЯ ВОЙНА»
19.55 Т/С «ОХОТА НА БЕРИЮ»
20.55 Д/Ф «КТО УБИЛ РИХАР-ДА ЗОРГЕ?»
22.30 Х/Ф «СТАРШИНА»
00.10 Х/Ф «ВАМ И НЕ СНИ-ЛОСЬ...»
01.55 Д/С «ТОРМОЖЕНИЕ В НЕБЕСАХ»
03.30 Х/Ф «ДВА БОЙЦА»
05.00 Д/С «ВОИНЫ МИРА. ДЖЕДАИ»
ТВ3
00.00 «ВЕЧЕРНИЙ ЧАТ»
00.30 «МЕГАДРОМ»
01.30 «ДЕ ФАКТО»
02.00 «ДЕЙСТВУЮЩИЕ ЛИЦА»
6.00 МУЛЬТФИЛЬМ
8.00 ДАЛЕКО И ЕЩЕ ДАЛЬШЕ
9.00 «ФАКТОР РИСКА»
10.00 ПАРАЛЛЕЛЬНЫЙ МИР
11.00 ДОКУМ. ФИЛЬМЫ
13.25 Т/С «КАСЛ»
15.15 Т/С «ГОВОРЯЩАЯ С ПРИЗРАКАМИ»
16.05 МИСТИЧЕСКИЕ ИСТОРИИ
17.00 ПАРАЛЛЕЛЬНЫЙ МИР
18.00 Х-ВЕРСИИ. ДРУГИЕ НО-ВОСТИ
19.00 Д/С «ПРЕДСКАЗАТЕЛИ»
21.00 Х/Ф «ПОСЛЕДНИЙ ТАМ-ПЛИЕР»
00.45 ПОКЕРНЫЙ ТУР
01.45 Х/Ф «СУМЕРЕЧНАЯ ЗОНА»
03.30 Т/С «БЕГЛЕЦ»
04.15 Т/С «БЕЗ СЛЕДА»
05.00 Т/С «ТРЕТЬЯ ПЛАНЕТА ОТ СОЛНЦА»
За информацию, предоставленную телеканалами, редакция ответственности не несет. В телепрограмме возможны изменения.
